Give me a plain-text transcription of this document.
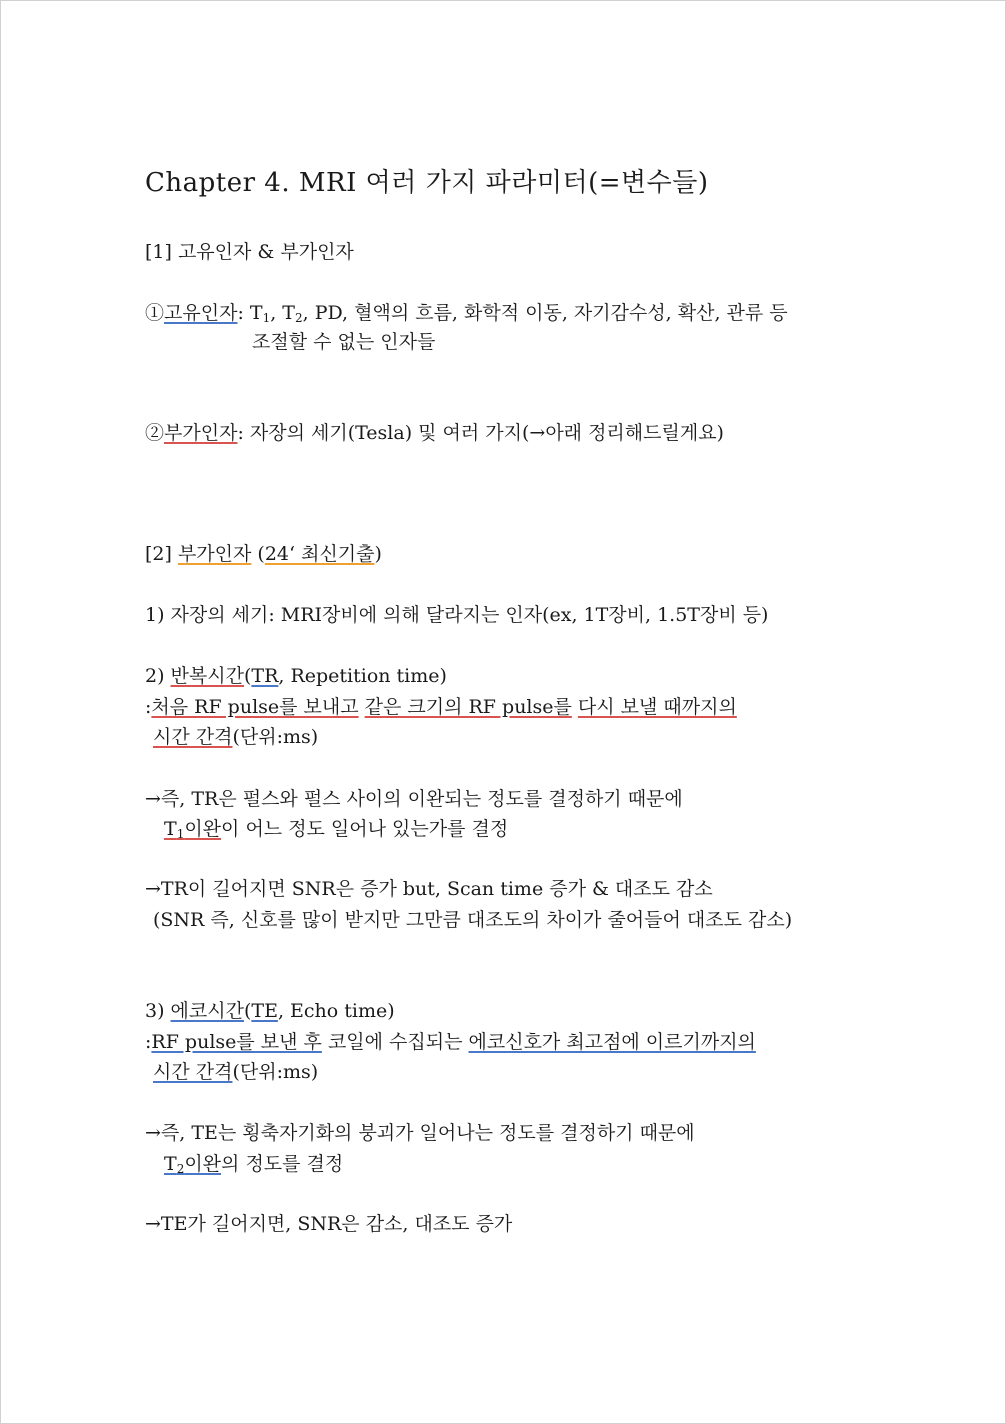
Chapter 4. MRI 여러 가지 파라미터(=변수들)
[1] 고유인자 & 부가인자
①고유인자: $T_1$, $T_2$, PD, 혈액의 흐름, 화학적 이동, 자기감수성, 확산, 관류 등
조절할 수 없는 인자들
②부가인자: 자장의 세기(Tesla) 및 여러 가지(→아래 정리해드릴게요)
[2] 부가인자 (24‘ 최신기출)
1) 자장의 세기: MRI장비에 의해 달라지는 인자(ex, 1T장비, 1.5T장비 등)
2) 반복시간(TR, Repetition time)
:처음 RF pulse를 보내고 같은 크기의 RF pulse를 다시 보낼 때까지의
시간 간격(단위:ms)
→즉, TR은 펄스와 펄스 사이의 이완되는 정도를 결정하기 때문에
$T_1$이완이 어느 정도 일어나 있는가를 결정
→TR이 길어지면 SNR은 증가 but, Scan time 증가 & 대조도 감소
(SNR 즉, 신호를 많이 받지만 그만큼 대조도의 차이가 줄어들어 대조도 감소)
3) 에코시간(TE, Echo time)
:RF pulse를 보낸 후 코일에 수집되는 에코신호가 최고점에 이르기까지의
시간 간격(단위:ms)
→즉, TE는 횡축자기화의 붕괴가 일어나는 정도를 결정하기 때문에
$T_2$이완의 정도를 결정
→TE가 길어지면, SNR은 감소, 대조도 증가
